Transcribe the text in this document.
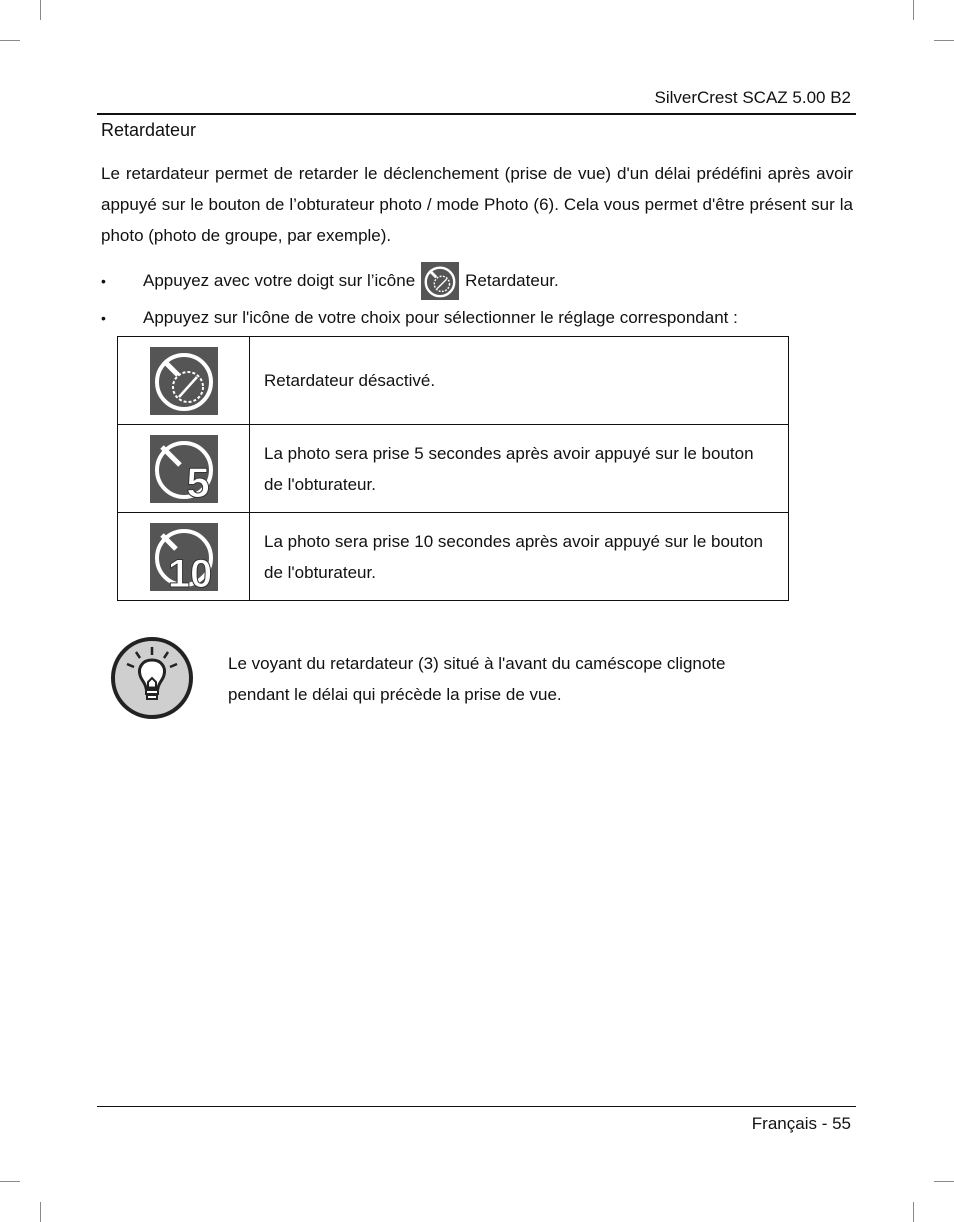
SilverCrest SCAZ 5.00 B2
Retardateur

Le retardateur permet de retarder le déclenchement (prise de vue) d'un délai prédéfini après avoir appuyé sur le bouton de l’obturateur photo / mode Photo (6). Cela vous permet d'être présent sur la photo (photo de groupe, par exemple).

•	Appuyez avec votre doigt sur l’icône	Retardateur.
•	Appuyez sur l'icône de votre choix pour sélectionner le réglage correspondant :
	Retardateur désactivé.

5	La photo sera prise 5 secondes après avoir appuyé sur le bouton de l'obturateur.

10	La photo sera prise 10 secondes après avoir appuyé sur le bouton de l'obturateur.

Le voyant du retardateur (3) situé à l'avant du caméscope clignote pendant le délai qui précède la prise de vue.

Français - 55
